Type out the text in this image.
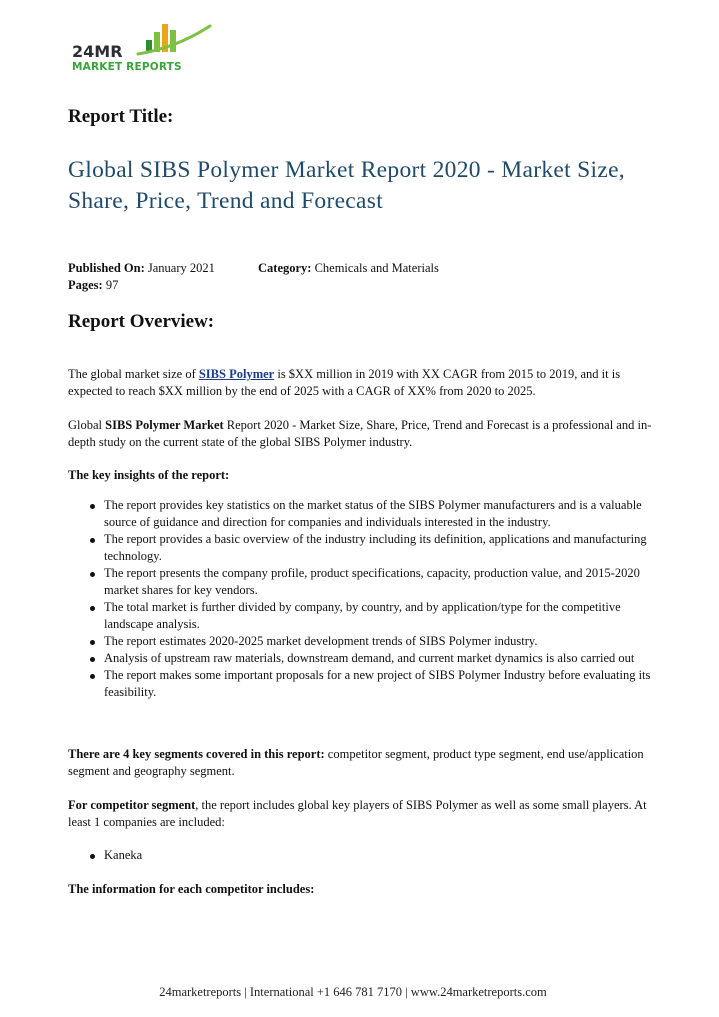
24MR
MARKET REPORTS
Report Title:
Global SIBS Polymer Market Report 2020 - Market Size, Share, Price, Trend and Forecast
Published On: January 2021	Category: Chemicals and Materials
Pages: 97
Report Overview:
The global market size of SIBS Polymer is $XX million in 2019 with XX CAGR from 2015 to 2019, and it is expected to reach $XX million by the end of 2025 with a CAGR of XX% from 2020 to 2025.
Global SIBS Polymer Market Report 2020 - Market Size, Share, Price, Trend and Forecast is a professional and in-depth study on the current state of the global SIBS Polymer industry.
The key insights of the report:
The report provides key statistics on the market status of the SIBS Polymer manufacturers and is a valuable source of guidance and direction for companies and individuals interested in the industry.
The report provides a basic overview of the industry including its definition, applications and manufacturing technology.
The report presents the company profile, product specifications, capacity, production value, and 2015-2020 market shares for key vendors.
The total market is further divided by company, by country, and by application/type for the competitive landscape analysis.
The report estimates 2020-2025 market development trends of SIBS Polymer industry.
Analysis of upstream raw materials, downstream demand, and current market dynamics is also carried out
The report makes some important proposals for a new project of SIBS Polymer Industry before evaluating its feasibility.
There are 4 key segments covered in this report: competitor segment, product type segment, end use/application segment and geography segment.
For competitor segment, the report includes global key players of SIBS Polymer as well as some small players. At least 1 companies are included:
Kaneka
The information for each competitor includes:
24marketreports | International +1 646 781 7170 | www.24marketreports.com
